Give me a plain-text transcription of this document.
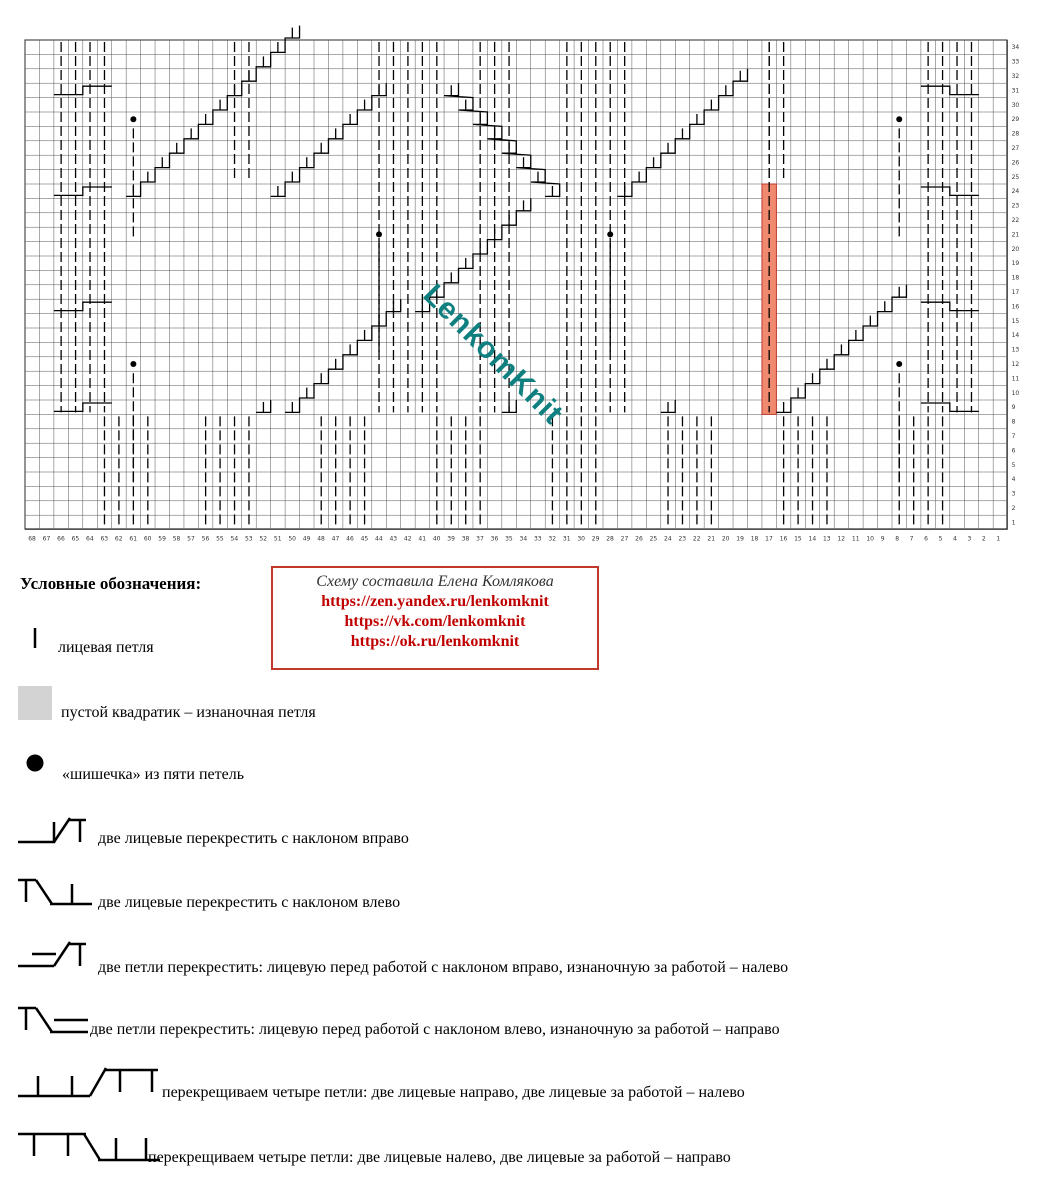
1
2
3
4
5
6
7
8
9
10
11
12
13
14
15
16
17
18
19
20
21
22
23
24
25
26
27
28
29
30
31
32
33
34
68 67 66 65 64 63 62 61 60 59 58 57 56 55 54 53 52 51 50 49 48 47 46 45 44 43 42 41 40 39 38 37 36 35 34 33 32 31 30 29 28 27 26 25 24 23 22 21 20 19 18 17 16 15 14 13 12 11 10 9 8 7 6 5 4 3 2 1
LenkomKnit
Условные обозначения:	Схему составила Елена Комлякова
https://zen.yandex.ru/lenkomknit
https://vk.com/lenkomknit
https://ok.ru/lenkomknit
лицевая петля
пустой квадратик – изнаночная петля
«шишечка» из пяти петель
две лицевые перекрестить с наклоном вправо
две лицевые перекрестить с наклоном влево
две петли перекрестить: лицевую перед работой с наклоном вправо, изнаночную за работой – налево
две петли перекрестить: лицевую перед работой с наклоном влево, изнаночную за работой – направо
перекрещиваем четыре петли: две лицевые направо, две лицевые за работой – налево
перекрещиваем четыре петли: две лицевые налево, две лицевые за работой – направо
